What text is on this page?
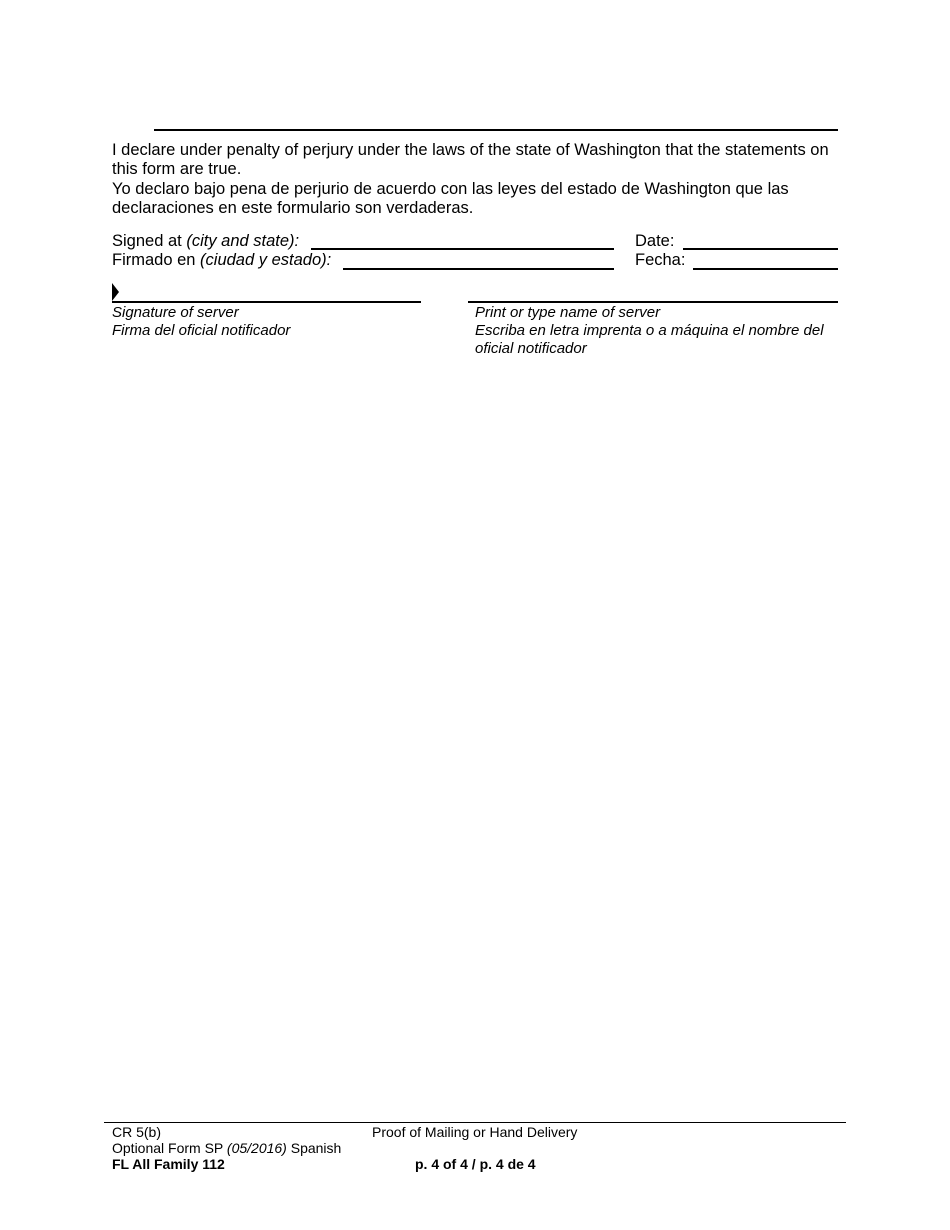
I declare under penalty of perjury under the laws of the state of Washington that the statements on this form are true.
Yo declaro bajo pena de perjurio de acuerdo con las leyes del estado de Washington que las declaraciones en este formulario son verdaderas.
Signed at (city and state):	Date:
Firmado en (ciudad y estado):	Fecha:
Signature of server
Firma del oficial notificador
Print or type name of server
Escriba en letra imprenta o a máquina el nombre del oficial notificador
CR 5(b)
Optional Form SP (05/2016) Spanish
FL All Family 112
Proof of Mailing or Hand Delivery
p. 4 of 4 / p. 4 de 4
